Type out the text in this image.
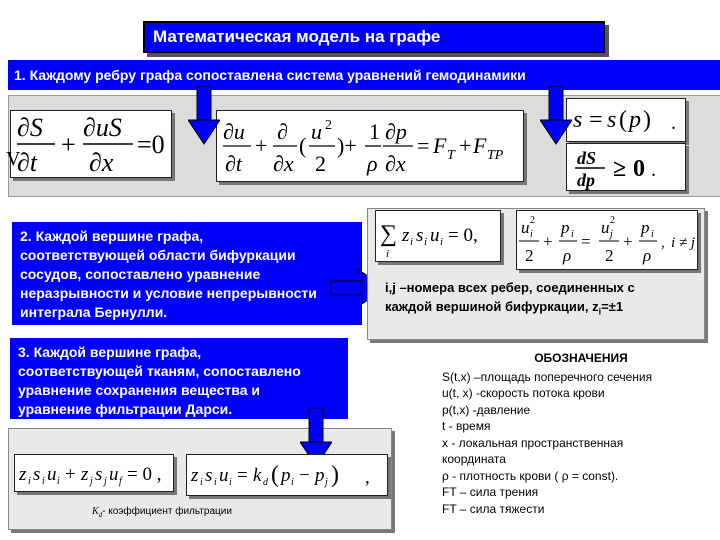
Математическая модель на графе
1. Каждому ребру графа сопоставлена система уравнений гемодинамики
∂S
∂t
+
∂uS
∂x
=0	∂u
∂t
+
∂
∂x
(
u 2
2
)+
1
ρ
∂p
∂x
= F T + F TP
s = s ( p ) .
dS
dp ≥ 0 .
V
2. Каждой вершине графа,
соответствующей области бифуркации
сосудов, сопоставлено уравнение
неразрывности и условие непрерывности
интеграла Бернулли.
z
∑
i
z i s i u i = 0,	u 2
i
2
+
p i
ρ
=
u 2
j
2
+
p i
ρ
, i ≠ j
i,j –номера всех ребер, соединенных с
каждой вершиной бифуркации, $z_i=\pm 1$
3. Каждой вершине графа,
соответствующей тканям, сопоставлено
уравнение сохранения вещества и
уравнение фильтрации Дарси.
z i s i u i + z j s j u f = 0 , z i s i u i = k d ( p i − p j ) ,
$K_d-$ коэффициент фильтрации
ОБОЗНАЧЕНИЯ
S(t,x) –площадь поперечного сечения
u(t, x) -скорость потока крови
p(t,x) -давление
t - время
x - локальная пространственная
координата
ρ - плотность крови ( ρ = const).
FT – сила трения
FT – сила тяжести
